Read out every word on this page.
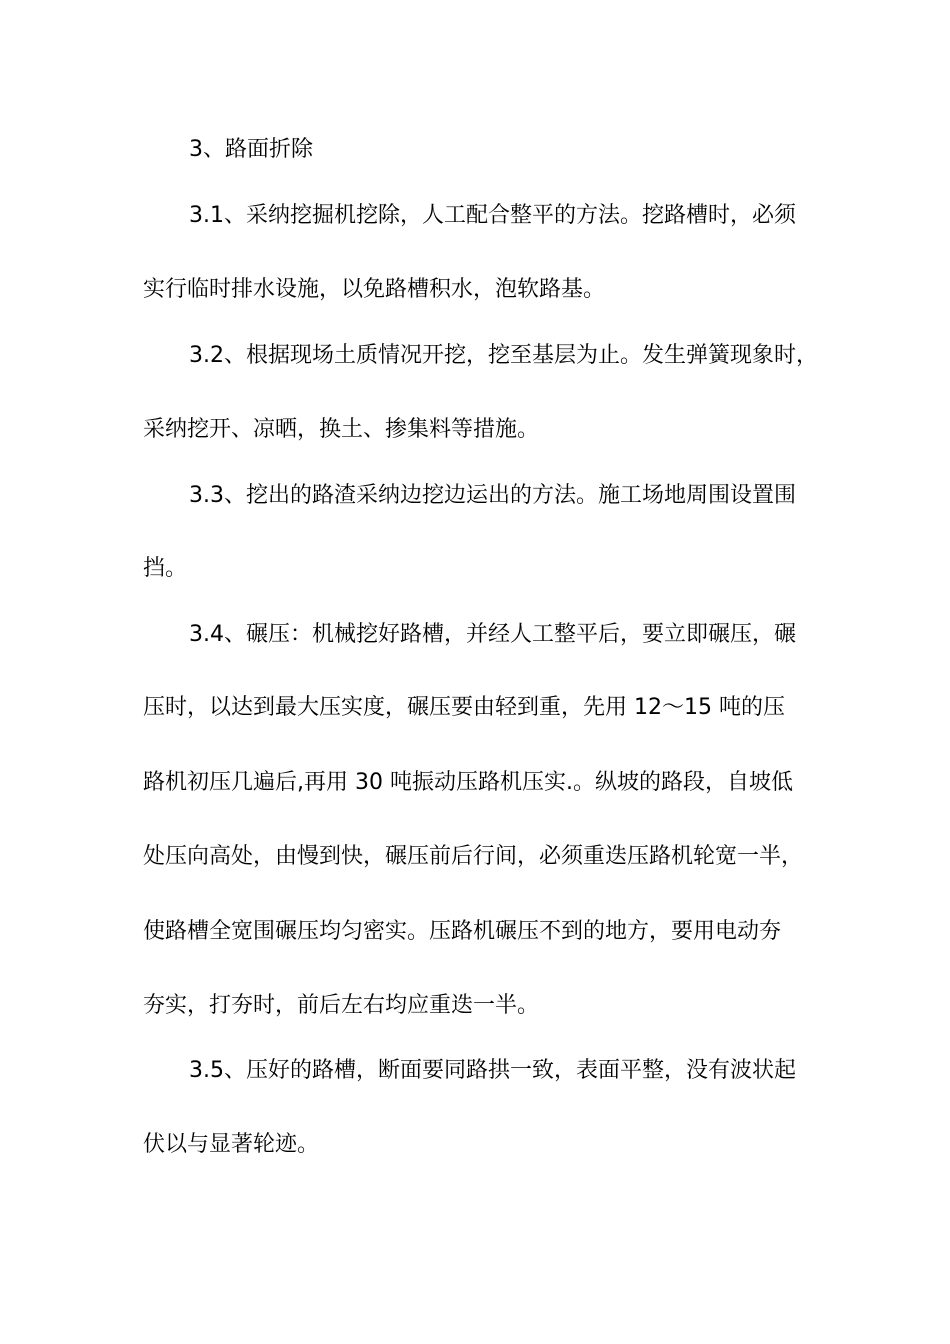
3、路面折除

3.1、采纳挖掘机挖除，人工配合整平的方法。挖路槽时，必须

实行临时排水设施，以免路槽积水，泡软路基。

3.2、根据现场土质情况开挖，挖至基层为止。发生弹簧现象时，

采纳挖开、凉晒，换土、掺集料等措施。

3.3、挖出的路渣采纳边挖边运出的方法。施工场地周围设置围

挡。

3.4、碾压：机械挖好路槽，并经人工整平后，要立即碾压，碾

压时，以达到最大压实度，碾压要由轻到重，先用 12～15 吨的压

路机初压几遍后,再用 30 吨振动压路机压实.。纵坡的路段，自坡低

处压向高处，由慢到快，碾压前后行间，必须重迭压路机轮宽一半，

使路槽全宽围碾压均匀密实。压路机碾压不到的地方，要用电动夯

夯实，打夯时，前后左右均应重迭一半。

3.5、压好的路槽，断面要同路拱一致，表面平整，没有波状起

伏以与显著轮迹。
